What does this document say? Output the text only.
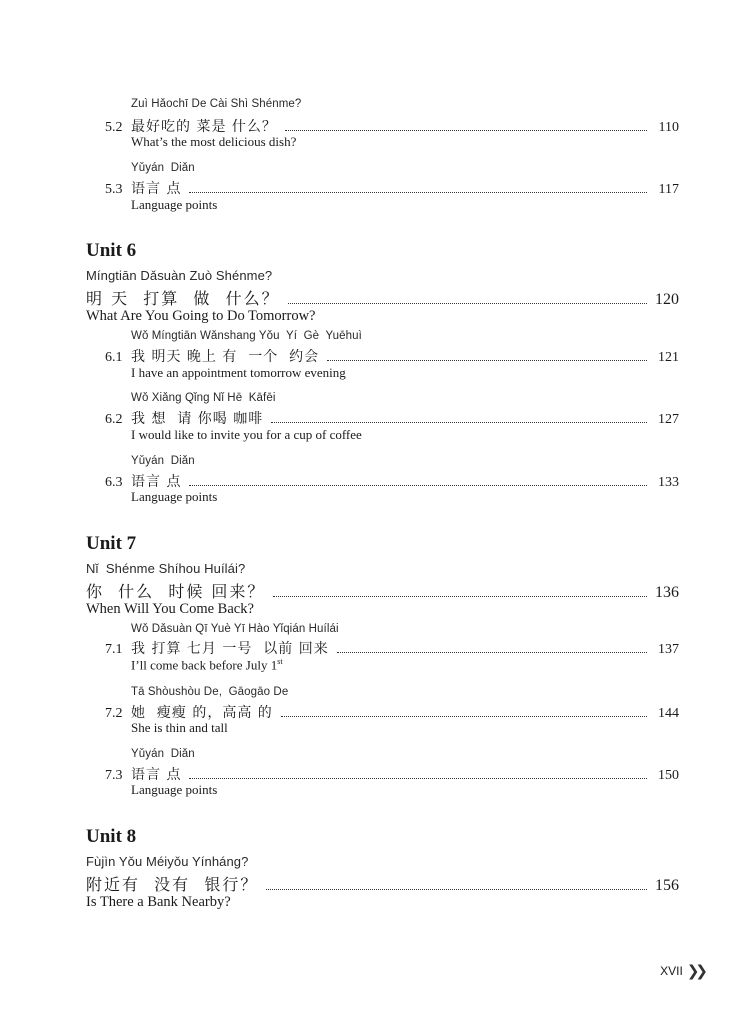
Zuì Hǎochī De Cài Shì Shénme?
5.2 最好吃的 菜是 什么？	110
What’s the most delicious dish?
Yǔyán  Diǎn
5.3 语言 点	117
Language points
Unit 6
Míngtiān Dǎsuàn Zuò Shénme?
明 天  打算  做  什么？	120
What Are You Going to Do Tomorrow?
Wǒ Míngtiān Wǎnshang Yǒu  Yí  Gè  Yuēhuì
6.1 我 明天 晚上 有  一个  约会	121
I have an appointment tomorrow evening
Wǒ Xiǎng Qǐng Nǐ Hē  Kāfēi
6.2 我 想  请 你喝 咖啡	127
I would like to invite you for a cup of coffee
Yǔyán  Diǎn
6.3 语言 点	133
Language points
Unit 7
Nǐ  Shénme Shíhou Huílái?
你  什么  时候 回来？	136
When Will You Come Back?
Wǒ Dǎsuàn Qī Yuè Yī Hào Yǐqián Huílái
7.1 我 打算 七月 一号  以前 回来	137
I’ll come back before July 1st
Tā Shòushòu De,  Gāogāo De
7.2 她  瘦瘦 的，高高 的	144
She is thin and tall
Yǔyán  Diǎn
7.3 语言 点	150
Language points
Unit 8
Fùjìn Yǒu Méiyǒu Yínháng?
附近有  没有  银行？	156
Is There a Bank Nearby?
XVII ❯❯
